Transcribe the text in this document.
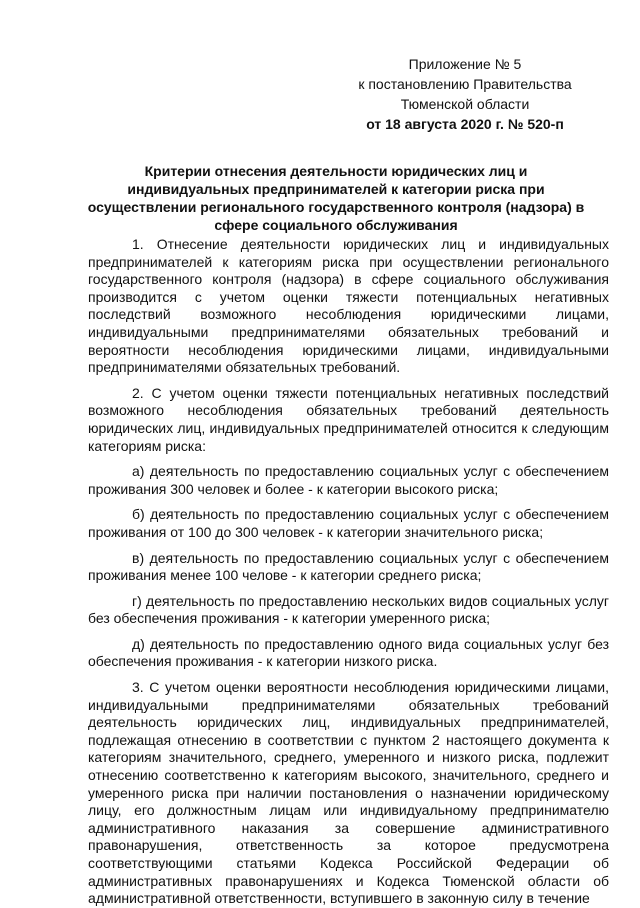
Приложение № 5
к постановлению Правительства
Тюменской области
от 18 августа 2020 г. № 520-п
Критерии отнесения деятельности юридических лиц и индивидуальных предпринимателей к категории риска при осуществлении регионального государственного контроля (надзора) в сфере социального обслуживания

1. Отнесение деятельности юридических лиц и индивидуальных предпринимателей к категориям риска при осуществлении регионального государственного контроля (надзора) в сфере социального обслуживания производится с учетом оценки тяжести потенциальных негативных последствий возможного несоблюдения юридическими лицами, индивидуальными предпринимателями обязательных требований и вероятности несоблюдения юридическими лицами, индивидуальными предпринимателями обязательных требований.

2. С учетом оценки тяжести потенциальных негативных последствий возможного несоблюдения обязательных требований деятельность юридических лиц, индивидуальных предпринимателей относится к следующим категориям риска:

а) деятельность по предоставлению социальных услуг с обеспечением проживания 300 человек и более - к категории высокого риска;

б) деятельность по предоставлению социальных услуг с обеспечением проживания от 100 до 300 человек - к категории значительного риска;

в) деятельность по предоставлению социальных услуг с обеспечением проживания менее 100 челове - к категории среднего риска;

г) деятельность по предоставлению нескольких видов социальных услуг без обеспечения проживания - к категории умеренного риска;

д) деятельность по предоставлению одного вида социальных услуг без обеспечения проживания - к категории низкого риска.

3. С учетом оценки вероятности несоблюдения юридическими лицами, индивидуальными предпринимателями обязательных требований деятельность юридических лиц, индивидуальных предпринимателей, подлежащая отнесению в соответствии с пунктом 2 настоящего документа к категориям значительного, среднего, умеренного и низкого риска, подлежит отнесению соответственно к категориям высокого, значительного, среднего и умеренного риска при наличии постановления о назначении юридическому лицу, его должностным лицам или индивидуальному предпринимателю административного наказания за совершение административного правонарушения, ответственность за которое предусмотрена соответствующими статьями Кодекса Российской Федерации об административных правонарушениях и Кодекса Тюменской области об административной ответственности, вступившего в законную силу в течение
